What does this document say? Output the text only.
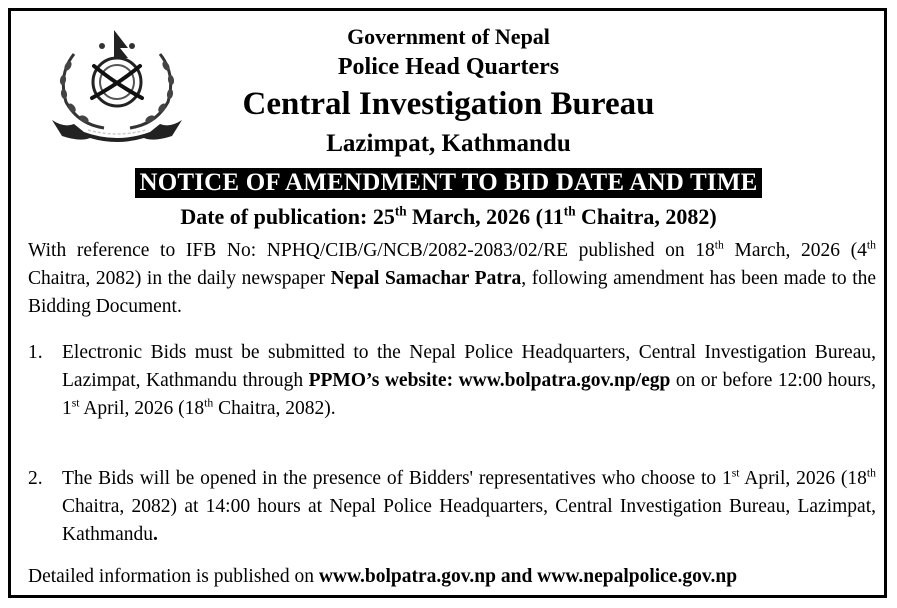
Government of Nepal
Police Head Quarters
Central Investigation Bureau
Lazimpat, Kathmandu
NOTICE OF AMENDMENT TO BID DATE AND TIME
Date of publication: 25th March, 2026 (11th Chaitra, 2082)
With reference to IFB No: NPHQ/CIB/G/NCB/2082-2083/02/RE published on 18th March, 2026 (4th Chaitra, 2082) in the daily newspaper Nepal Samachar Patra, following amendment has been made to the Bidding Document.
1. Electronic Bids must be submitted to the Nepal Police Headquarters, Central Investigation Bureau, Lazimpat, Kathmandu through PPMO’s website: www.bolpatra.gov.np/egp on or before 12:00 hours, 1st April, 2026 (18th Chaitra, 2082).
2. The Bids will be opened in the presence of Bidders' representatives who choose to 1st April, 2026 (18th Chaitra, 2082) at 14:00 hours at Nepal Police Headquarters, Central Investigation Bureau, Lazimpat, Kathmandu.
Detailed information is published on www.bolpatra.gov.np and www.nepalpolice.gov.np
